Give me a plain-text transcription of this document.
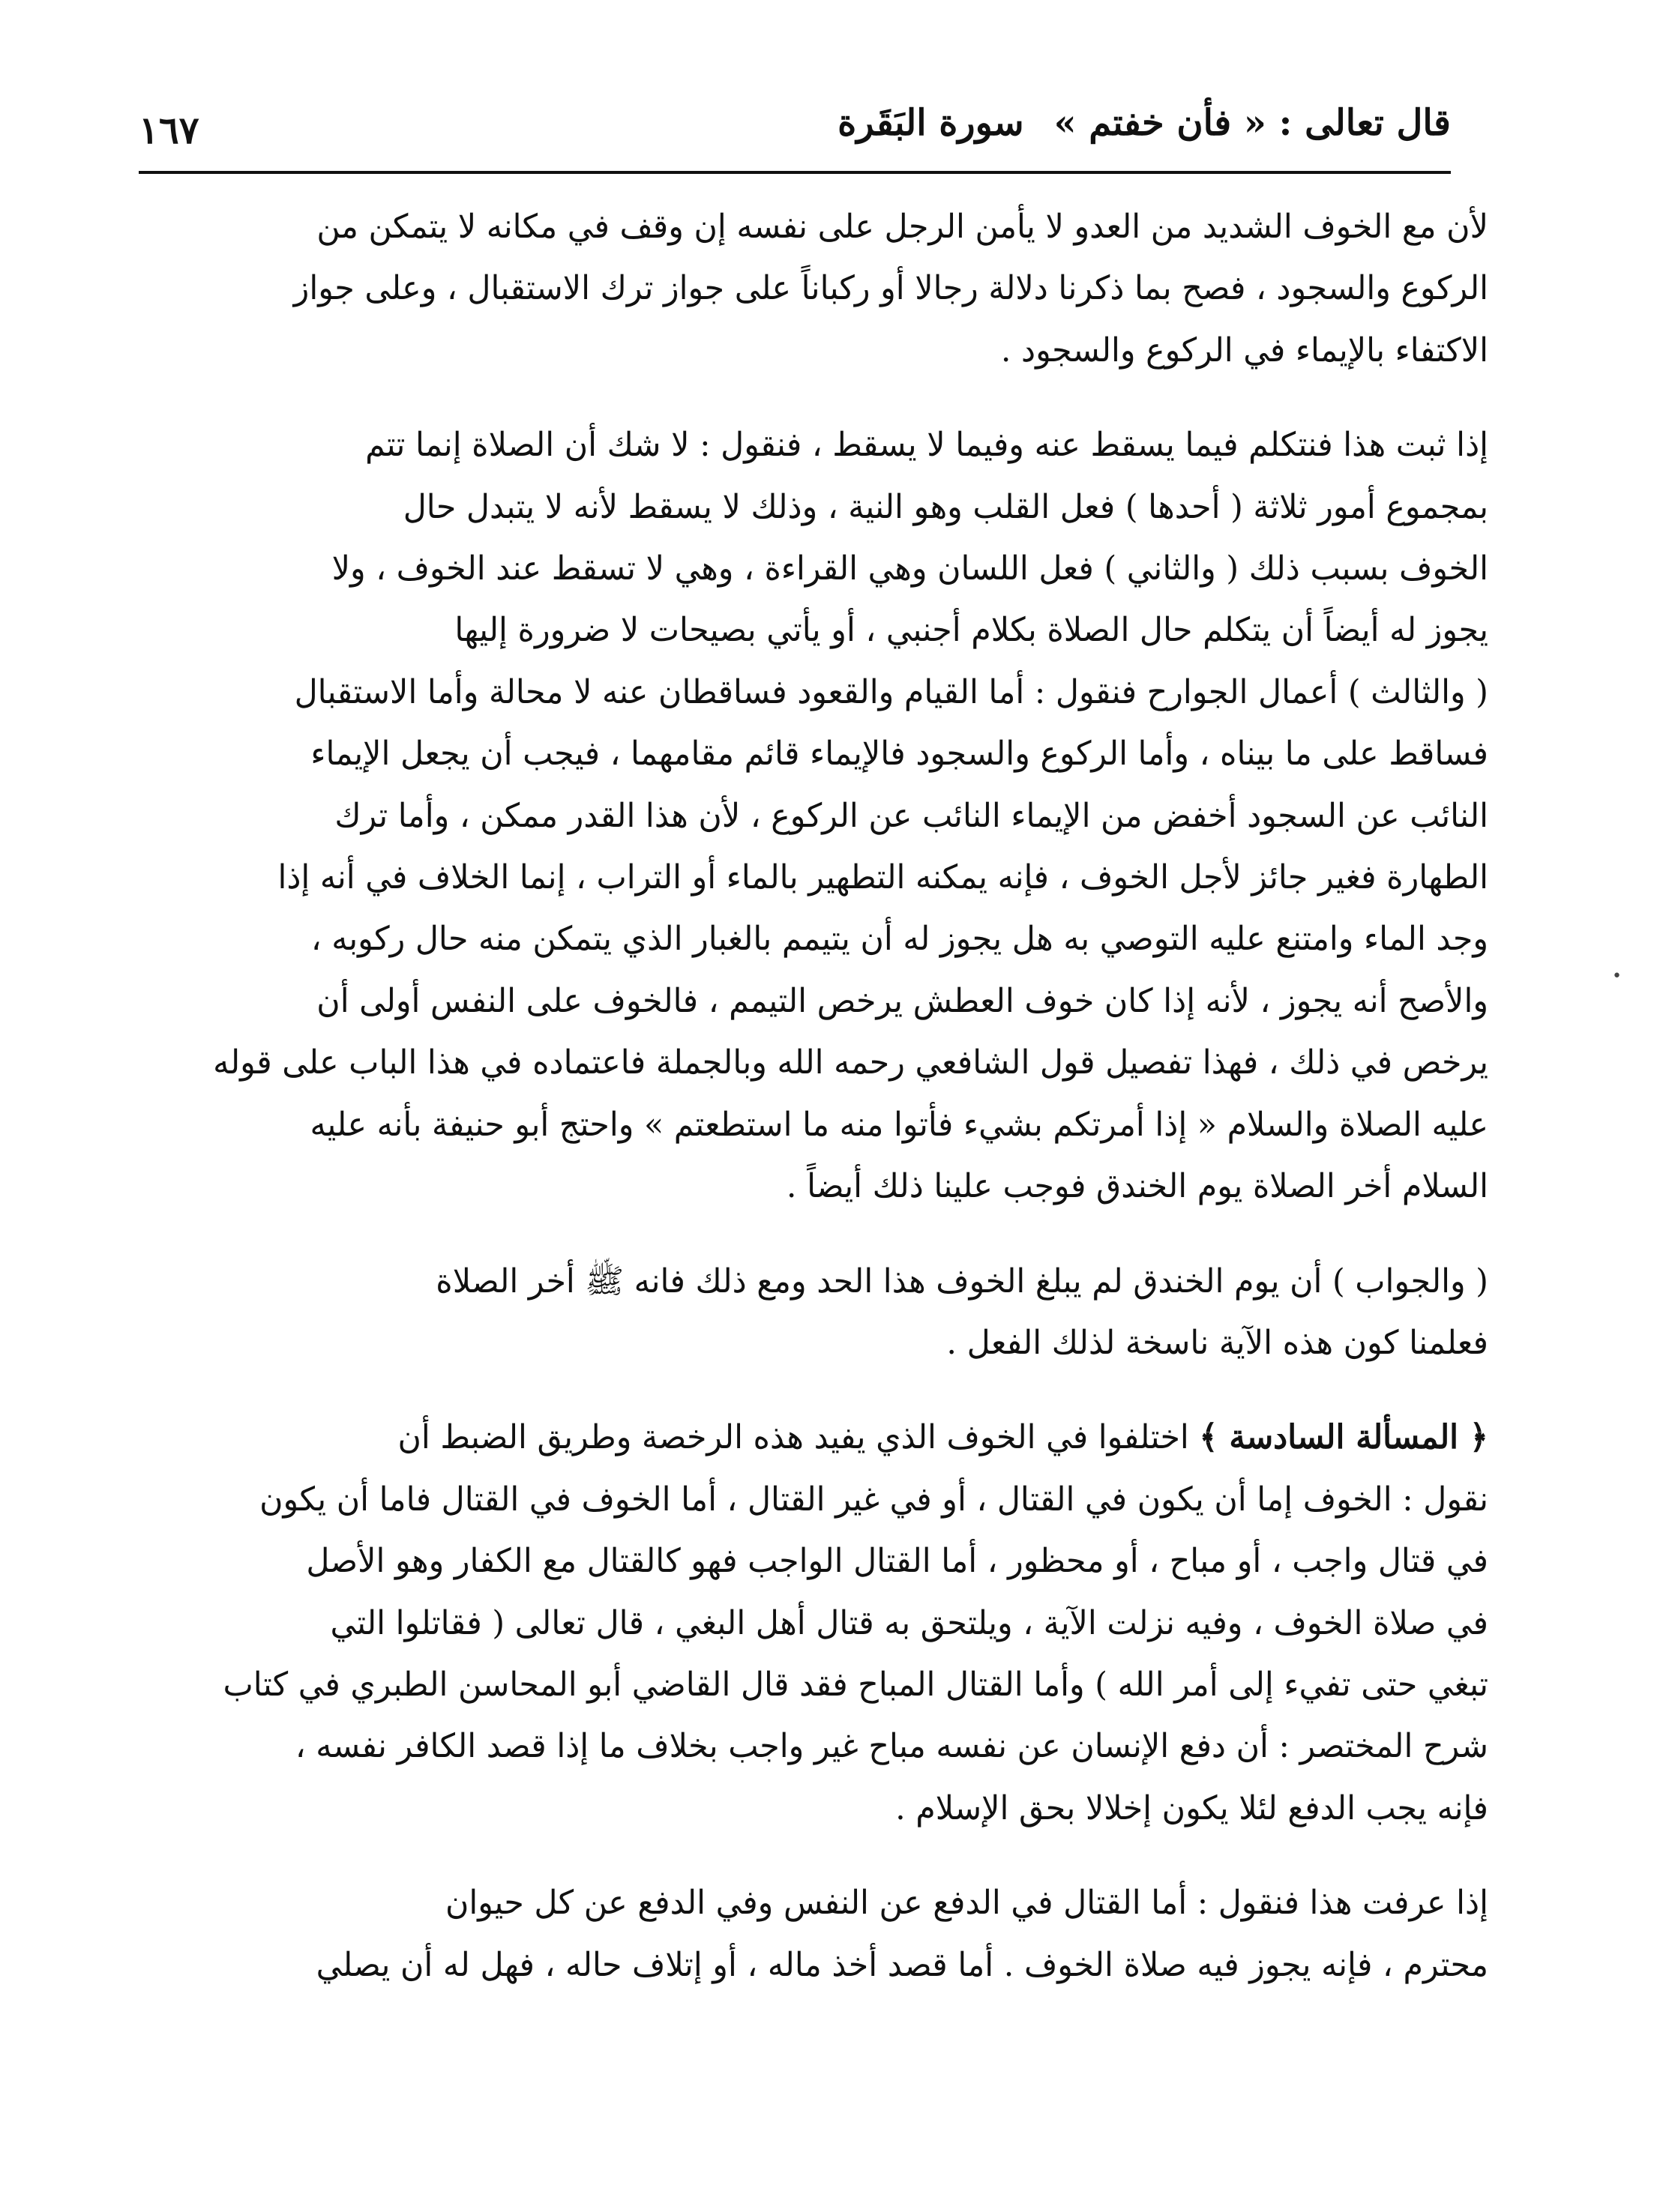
قال تعالى : « فأن خفتم »سورة البَقَرة
١٦٧
لأن مع الخوف الشديد من العدو لا يأمن الرجل على نفسه إن وقف في مكانه لا يتمكن من
الركوع والسجود ، فصح بما ذكرنا دلالة رجالا أو ركباناً على جواز ترك الاستقبال ، وعلى جواز
الاكتفاء بالإيماء في الركوع والسجود .
إذا ثبت هذا فنتكلم فيما يسقط عنه وفيما لا يسقط ، فنقول : لا شك أن الصلاة إنما تتم
بمجموع أمور ثلاثة ( أحدها ) فعل القلب وهو النية ، وذلك لا يسقط لأنه لا يتبدل حال
الخوف بسبب ذلك ( والثاني ) فعل اللسان وهي القراءة ، وهي لا تسقط عند الخوف ، ولا
يجوز له أيضاً أن يتكلم حال الصلاة بكلام أجنبي ، أو يأتي بصيحات لا ضرورة إليها
( والثالث ) أعمال الجوارح فنقول : أما القيام والقعود فساقطان عنه لا محالة وأما الاستقبال
فساقط على ما بيناه ، وأما الركوع والسجود فالإيماء قائم مقامهما ، فيجب أن يجعل الإيماء
النائب عن السجود أخفض من الإيماء النائب عن الركوع ، لأن هذا القدر ممكن ، وأما ترك
الطهارة فغير جائز لأجل الخوف ، فإنه يمكنه التطهير بالماء أو التراب ، إنما الخلاف في أنه إذا
وجد الماء وامتنع عليه التوصي به هل يجوز له أن يتيمم بالغبار الذي يتمكن منه حال ركوبه ،
والأصح أنه يجوز ، لأنه إذا كان خوف العطش يرخص التيمم ، فالخوف على النفس أولى أن
يرخص في ذلك ، فهذا تفصيل قول الشافعي رحمه الله وبالجملة فاعتماده في هذا الباب على قوله
عليه الصلاة والسلام « إذا أمرتكم بشيء فأتوا منه ما استطعتم » واحتج أبو حنيفة بأنه عليه
السلام أخر الصلاة يوم الخندق فوجب علينا ذلك أيضاً .
( والجواب ) أن يوم الخندق لم يبلغ الخوف هذا الحد ومع ذلك فانه ﷺ أخر الصلاة
فعلمنا كون هذه الآية ناسخة لذلك الفعل .
﴿ المسألة السادسة ﴾ اختلفوا في الخوف الذي يفيد هذه الرخصة وطريق الضبط أن
نقول : الخوف إما أن يكون في القتال ، أو في غير القتال ، أما الخوف في القتال فاما أن يكون
في قتال واجب ، أو مباح ، أو محظور ، أما القتال الواجب فهو كالقتال مع الكفار وهو الأصل
في صلاة الخوف ، وفيه نزلت الآية ، ويلتحق به قتال أهل البغي ، قال تعالى ( فقاتلوا التي
تبغي حتى تفيء إلى أمر الله ) وأما القتال المباح فقد قال القاضي أبو المحاسن الطبري في كتاب
شرح المختصر : أن دفع الإنسان عن نفسه مباح غير واجب بخلاف ما إذا قصد الكافر نفسه ،
فإنه يجب الدفع لئلا يكون إخلالا بحق الإسلام .
إذا عرفت هذا فنقول : أما القتال في الدفع عن النفس وفي الدفع عن كل حيوان
محترم ، فإنه يجوز فيه صلاة الخوف . أما قصد أخذ ماله ، أو إتلاف حاله ، فهل له أن يصلي
•
